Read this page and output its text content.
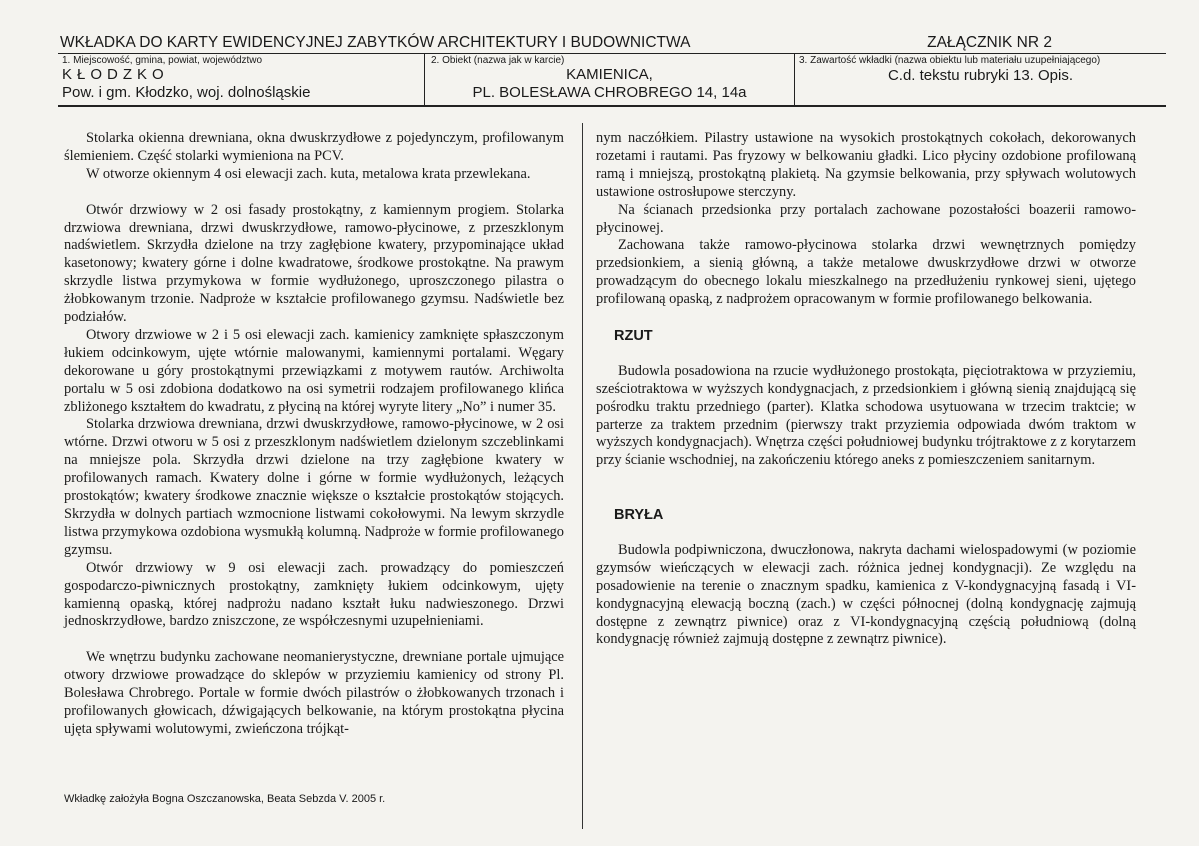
WKŁADKA DO KARTY EWIDENCYJNEJ ZABYTKÓW ARCHITEKTURY I BUDOWNICTWA	ZAŁĄCZNIK NR 2
1. Miejscowość, gmina, powiat, województwo
KŁODZKO
Pow. i gm. Kłodzko, woj. dolnośląskie
2. Obiekt (nazwa jak w karcie)
KAMIENICA,
PL. BOLESŁAWA CHROBREGO 14, 14a
3. Zawartość wkładki (nazwa obiektu lub materiału uzupełniającego)
C.d. tekstu rubryki 13. Opis.

Stolarka okienna drewniana, okna dwuskrzydłowe z pojedynczym, profilowanym ślemieniem. Część stolarki wymieniona na PCV.

W otworze okiennym 4 osi elewacji zach. kuta, metalowa krata przewlekana.

Otwór drzwiowy w 2 osi fasady prostokątny, z kamiennym progiem. Stolarka drzwiowa drewniana, drzwi dwuskrzydłowe, ramowo-płycinowe, z przeszklonym nadświetlem. Skrzydła dzielone na trzy zagłębione kwatery, przypominające układ kasetonowy; kwatery górne i dolne kwadratowe, środkowe prostokątne. Na prawym skrzydle listwa przymykowa w formie wydłużonego, uproszczonego pilastra o żłobkowanym trzonie. Nadproże w kształcie profilowanego gzymsu. Nadświetle bez podziałów.

Otwory drzwiowe w 2 i 5 osi elewacji zach. kamienicy zamknięte spłaszczonym łukiem odcinkowym, ujęte wtórnie malowanymi, kamiennymi portalami. Węgary dekorowane u góry prostokątnymi przewiązkami z motywem rautów. Archiwolta portalu w 5 osi zdobiona dodatkowo na osi symetrii rodzajem profilowanego klińca zbliżonego kształtem do kwadratu, z płyciną na której wyryte litery „No” i numer 35.

Stolarka drzwiowa drewniana, drzwi dwuskrzydłowe, ramowo-płycinowe, w 2 osi wtórne. Drzwi otworu w 5 osi z przeszklonym nadświetlem dzielonym szczeblinkami na mniejsze pola. Skrzydła drzwi dzielone na trzy zagłębione kwatery w profilowanych ramach. Kwatery dolne i górne w formie wydłużonych, leżących prostokątów; kwatery środkowe znacznie większe o kształcie prostokątów stojących. Skrzydła w dolnych partiach wzmocnione listwami cokołowymi. Na lewym skrzydle listwa przymykowa ozdobiona wysmukłą kolumną. Nadproże w formie profilowanego gzymsu.

Otwór drzwiowy w 9 osi elewacji zach. prowadzący do pomieszczeń gospodarczo-piwnicznych prostokątny, zamknięty łukiem odcinkowym, ujęty kamienną opaską, której nadprożu nadano kształt łuku nadwieszonego. Drzwi jednoskrzydłowe, bardzo zniszczone, ze współczesnymi uzupełnieniami.

We wnętrzu budynku zachowane neomanierystyczne, drewniane portale ujmujące otwory drzwiowe prowadzące do sklepów w przyziemiu kamienicy od strony Pl. Bolesława Chrobrego. Portale w formie dwóch pilastrów o żłobkowanych trzonach i profilowanych głowicach, dźwigających belkowanie, na którym prostokątna płycina ujęta spływami wolutowymi, zwieńczona trójkąt-

nym naczółkiem. Pilastry ustawione na wysokich prostokątnych cokołach, dekorowanych rozetami i rautami. Pas fryzowy w belkowaniu gładki. Lico płyciny ozdobione profilowaną ramą i mniejszą, prostokątną plakietą. Na gzymsie belkowania, przy spływach wolutowych ustawione ostrosłupowe sterczyny.

Na ścianach przedsionka przy portalach zachowane pozostałości boazerii ramowo-płycinowej.

Zachowana także ramowo-płycinowa stolarka drzwi wewnętrznych pomiędzy przedsionkiem, a sienią główną, a także metalowe dwuskrzydłowe drzwi w otworze prowadzącym do obecnego lokalu mieszkalnego na przedłużeniu rynkowej sieni, ujętego profilowaną opaską, z nadprożem opracowanym w formie profilowanego belkowania.

RZUT

Budowla posadowiona na rzucie wydłużonego prostokąta, pięciotraktowa w przyziemiu, sześciotraktowa w wyższych kondygnacjach, z przedsionkiem i główną sienią znajdującą się pośrodku traktu przedniego (parter). Klatka schodowa usytuowana w trzecim traktcie; w parterze za traktem przednim (pierwszy trakt przyziemia odpowiada dwóm traktom w wyższych kondygnacjach). Wnętrza części południowej budynku trójtraktowe z z korytarzem przy ścianie wschodniej, na zakończeniu którego aneks z pomieszczeniem sanitarnym.

BRYŁA

Budowla podpiwniczona, dwuczłonowa, nakryta dachami wielospadowymi (w poziomie gzymsów wieńczących w elewacji zach. różnica jednej kondygnacji). Ze względu na posadowienie na terenie o znacznym spadku, kamienica z V-kondygnacyjną fasadą i VI-kondygnacyjną elewacją boczną (zach.) w części północnej (dolną kondygnację zajmują dostępne z zewnątrz piwnice) oraz z VI-kondygnacyjną częścią południową (dolną kondygnację również zajmują dostępne z zewnątrz piwnice).

Wkładkę założyła Bogna Oszczanowska, Beata Sebzda V. 2005 r.
